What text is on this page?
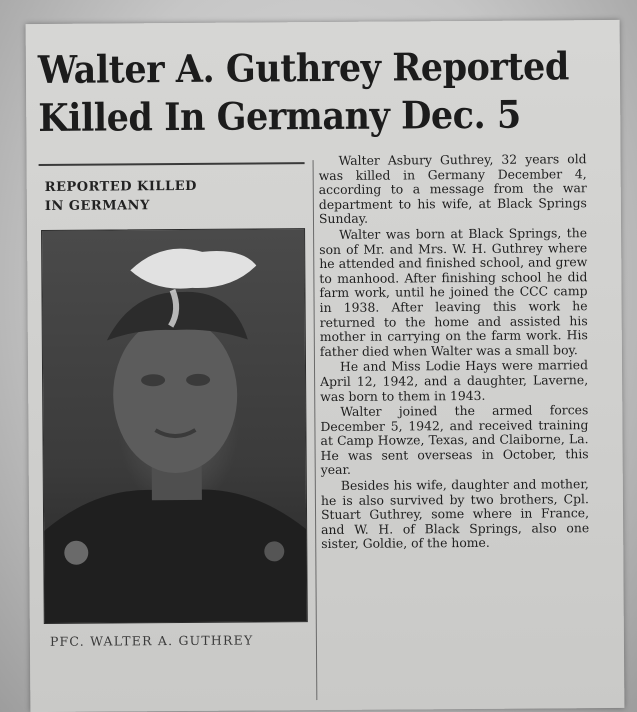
Walter A. Guthrey Reported
Killed In Germany Dec. 5
REPORTED KILLED
IN GERMANY
PFC. WALTER A. GUTHREY

Walter Asbury Guthrey, 32 years old was killed in Germany December 4, according to a message from the war department to his wife, at Black Springs Sunday.

Walter was born at Black Springs, the son of Mr. and Mrs. W. H. Guthrey where he attended and finished school, and grew to manhood. After finishing school he did farm work, until he joined the CCC camp in 1938. After leaving this work he returned to the home and assisted his mother in carrying on the farm work. His father died when Walter was a small boy.

He and Miss Lodie Hays were married April 12, 1942, and a daughter, Laverne, was born to them in 1943.

Walter joined the armed forces December 5, 1942, and received training at Camp Howze, Texas, and Claiborne, La. He was sent overseas in October, this year.

Besides his wife, daughter and mother, he is also survived by two brothers, Cpl. Stuart Guthrey, some where in France, and W. H. of Black Springs, also one sister, Goldie, of the home.
